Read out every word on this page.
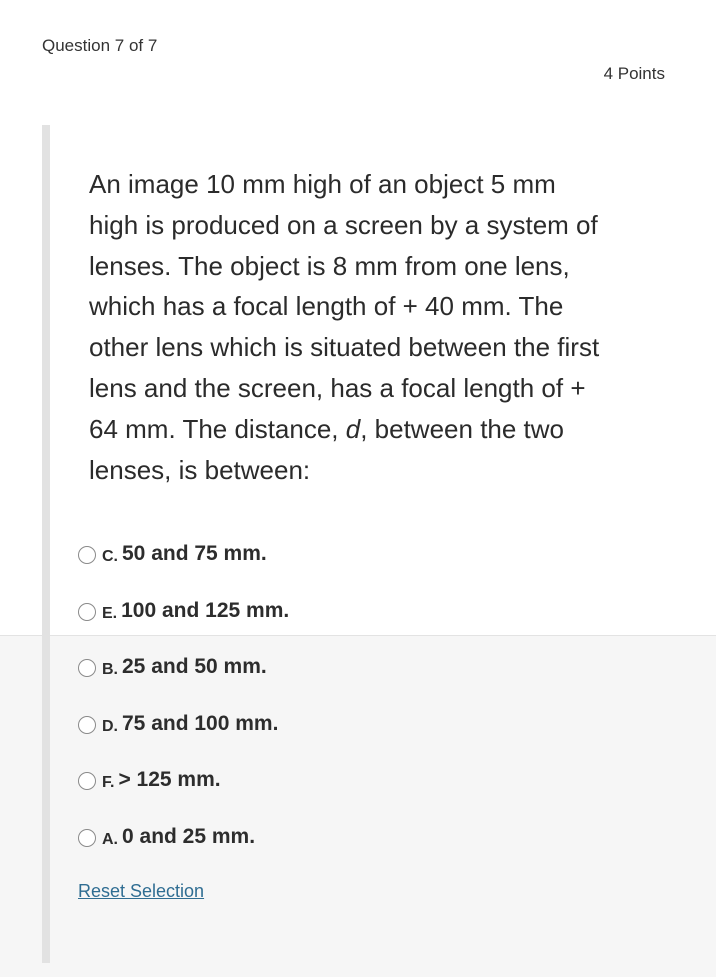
Question 7 of 7
4 Points
An image 10 mm high of an object 5 mm high is produced on a screen by a system of lenses. The object is 8 mm from one lens, which has a focal length of + 40 mm. The other lens which is situated between the first lens and the screen, has a focal length of + 64 mm. The distance, d, between the two lenses, is between:
C. 50 and 75 mm.
E. 100 and 125 mm.
B. 25 and 50 mm.
D. 75 and 100 mm.
F. > 125 mm.
A. 0 and 25 mm.
Reset Selection
